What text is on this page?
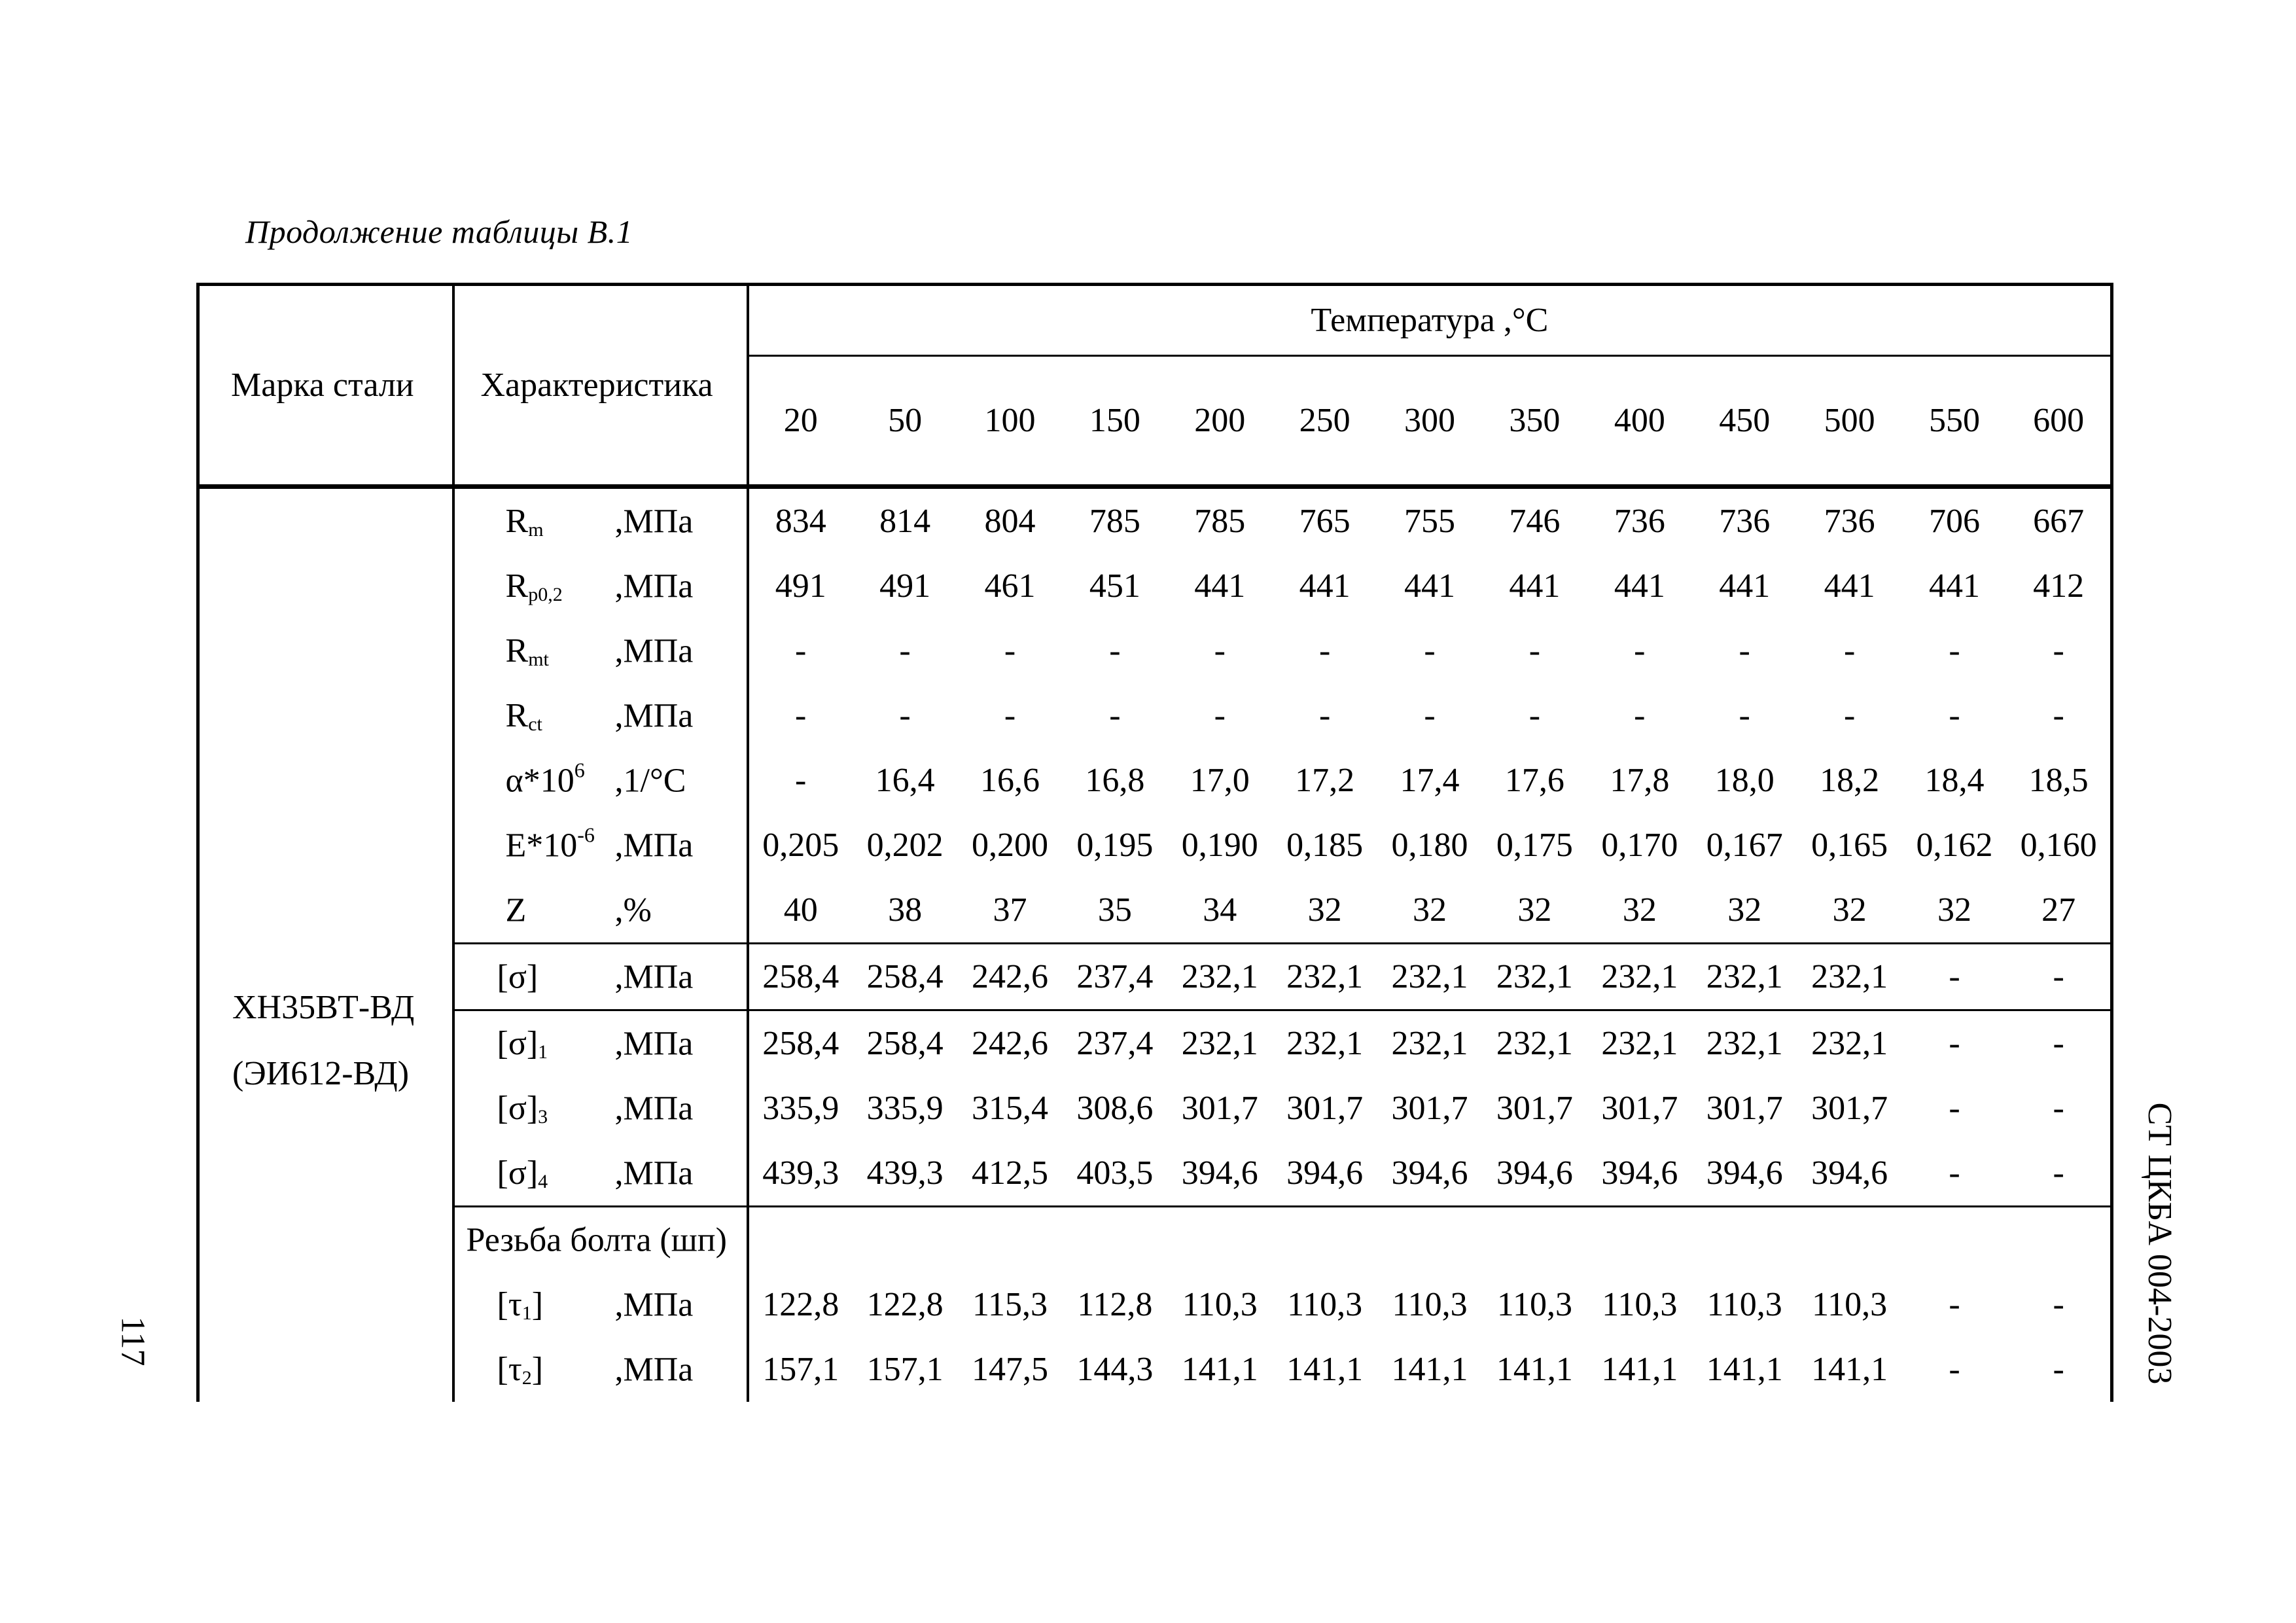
Продолжение таблицы В.1
Марка стали	Характеристика	Температура ,°С												
		20	50	100	150	200	250	300	350	400	450	500	550	600

ХН35ВТ-ВД
(ЭИ612-ВД)	$R_m$ ,МПа	834	814	804	785	785	765	755	746	736	736	736	706	667

	$R_{p0,2}$ ,МПа	491	491	461	451	441	441	441	441	441	441	441	441	412

	$R_{mt}$ ,МПа	-	-	-	-	-	-	-	-	-	-	-	-	-

	$R_{ct}$ ,МПа	-	-	-	-	-	-	-	-	-	-	-	-	-

	$\alpha*10^6$ ,1/°С	-	16,4	16,6	16,8	17,0	17,2	17,4	17,6	17,8	18,0	18,2	18,4	18,5

	$E*10^{-6}$ ,МПа	0,205	0,202	0,200	0,195	0,190	0,185	0,180	0,175	0,170	0,167	0,165	0,162	0,160

	Z ,%	40	38	37	35	34	32	32	32	32	32	32	32	27

	[σ] ,МПа	258,4	258,4	242,6	237,4	232,1	232,1	232,1	232,1	232,1	232,1	232,1	-	-

	$[\sigma]_1$ ,МПа	258,4	258,4	242,6	237,4	232,1	232,1	232,1	232,1	232,1	232,1	232,1	-	-

	$[\sigma]_3$ ,МПа	335,9	335,9	315,4	308,6	301,7	301,7	301,7	301,7	301,7	301,7	301,7	-	-

	$[\sigma]_4$ ,МПа	439,3	439,3	412,5	403,5	394,6	394,6	394,6	394,6	394,6	394,6	394,6	-	-

	Резьба болта (шп)													

	$[\tau_1]$ ,МПа	122,8	122,8	115,3	112,8	110,3	110,3	110,3	110,3	110,3	110,3	110,3	-	-

	$[\tau_2]$ ,МПа	157,1	157,1	147,5	144,3	141,1	141,1	141,1	141,1	141,1	141,1	141,1	-	- СТ ЦКБА 004-2003
117
